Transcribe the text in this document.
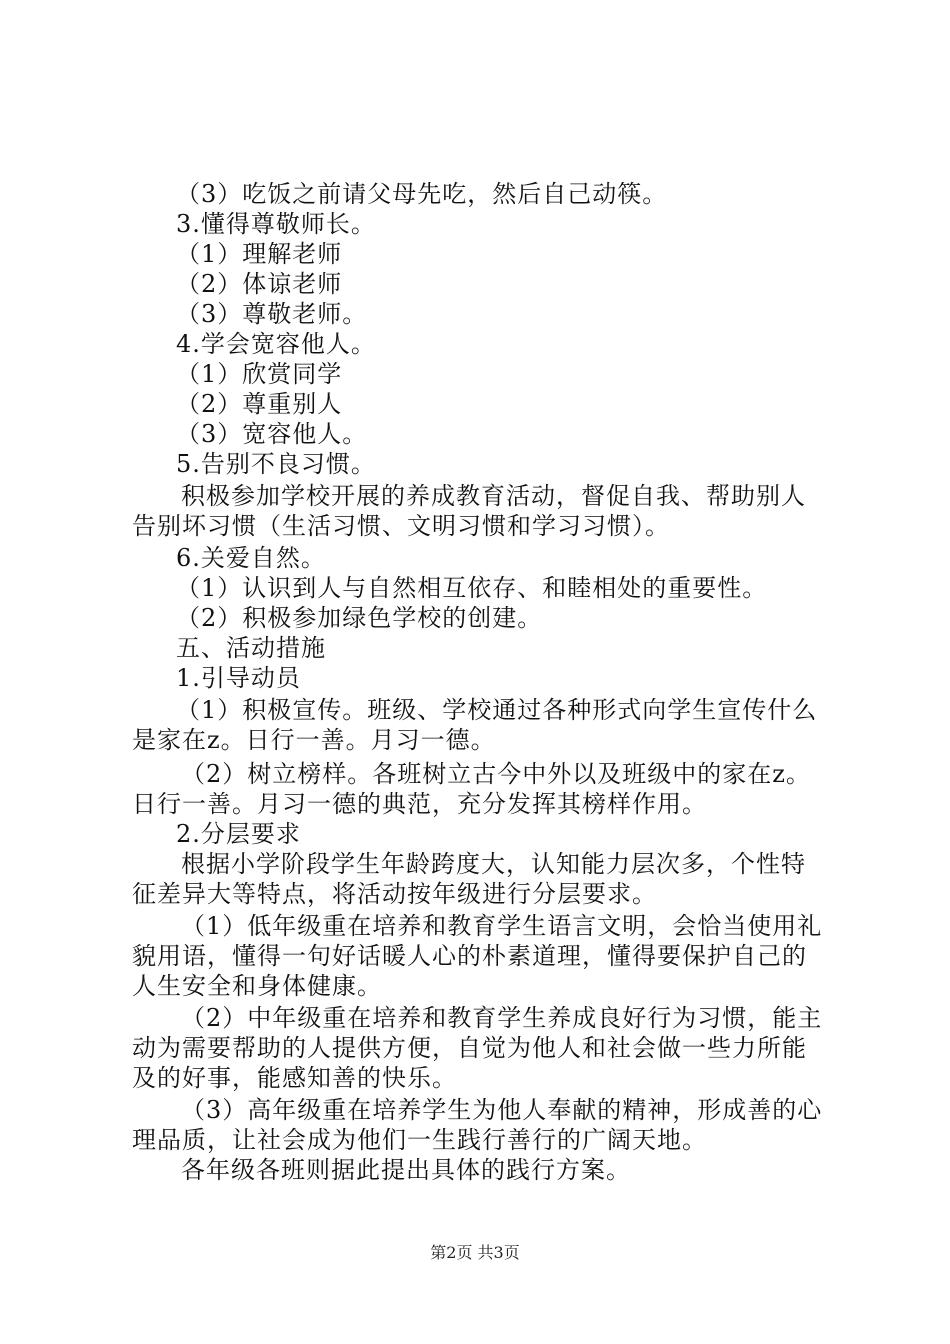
（3）吃饭之前请父母先吃，然后自己动筷。
3.懂得尊敬师长。
（1）理解老师
（2）体谅老师
（3）尊敬老师。
4.学会宽容他人。
（1）欣赏同学
（2）尊重别人
（3）宽容他人。
5.告别不良习惯。
积极参加学校开展的养成教育活动，督促自我、帮助别人
告别坏习惯（生活习惯、文明习惯和学习习惯）。
6.关爱自然。
（1）认识到人与自然相互依存、和睦相处的重要性。
（2）积极参加绿色学校的创建。
五、活动措施
1.引导动员
（1）积极宣传。班级、学校通过各种形式向学生宣传什么
是家在z。日行一善。月习一德。
（2）树立榜样。各班树立古今中外以及班级中的家在z。
日行一善。月习一德的典范，充分发挥其榜样作用。
2.分层要求
根据小学阶段学生年龄跨度大，认知能力层次多，个性特
征差异大等特点，将活动按年级进行分层要求。
（1）低年级重在培养和教育学生语言文明，会恰当使用礼
貌用语，懂得一句好话暖人心的朴素道理，懂得要保护自己的
人生安全和身体健康。
（2）中年级重在培养和教育学生养成良好行为习惯，能主
动为需要帮助的人提供方便，自觉为他人和社会做一些力所能
及的好事，能感知善的快乐。
（3）高年级重在培养学生为他人奉献的精神，形成善的心
理品质，让社会成为他们一生践行善行的广阔天地。
各年级各班则据此提出具体的践行方案。
第2页 共3页
